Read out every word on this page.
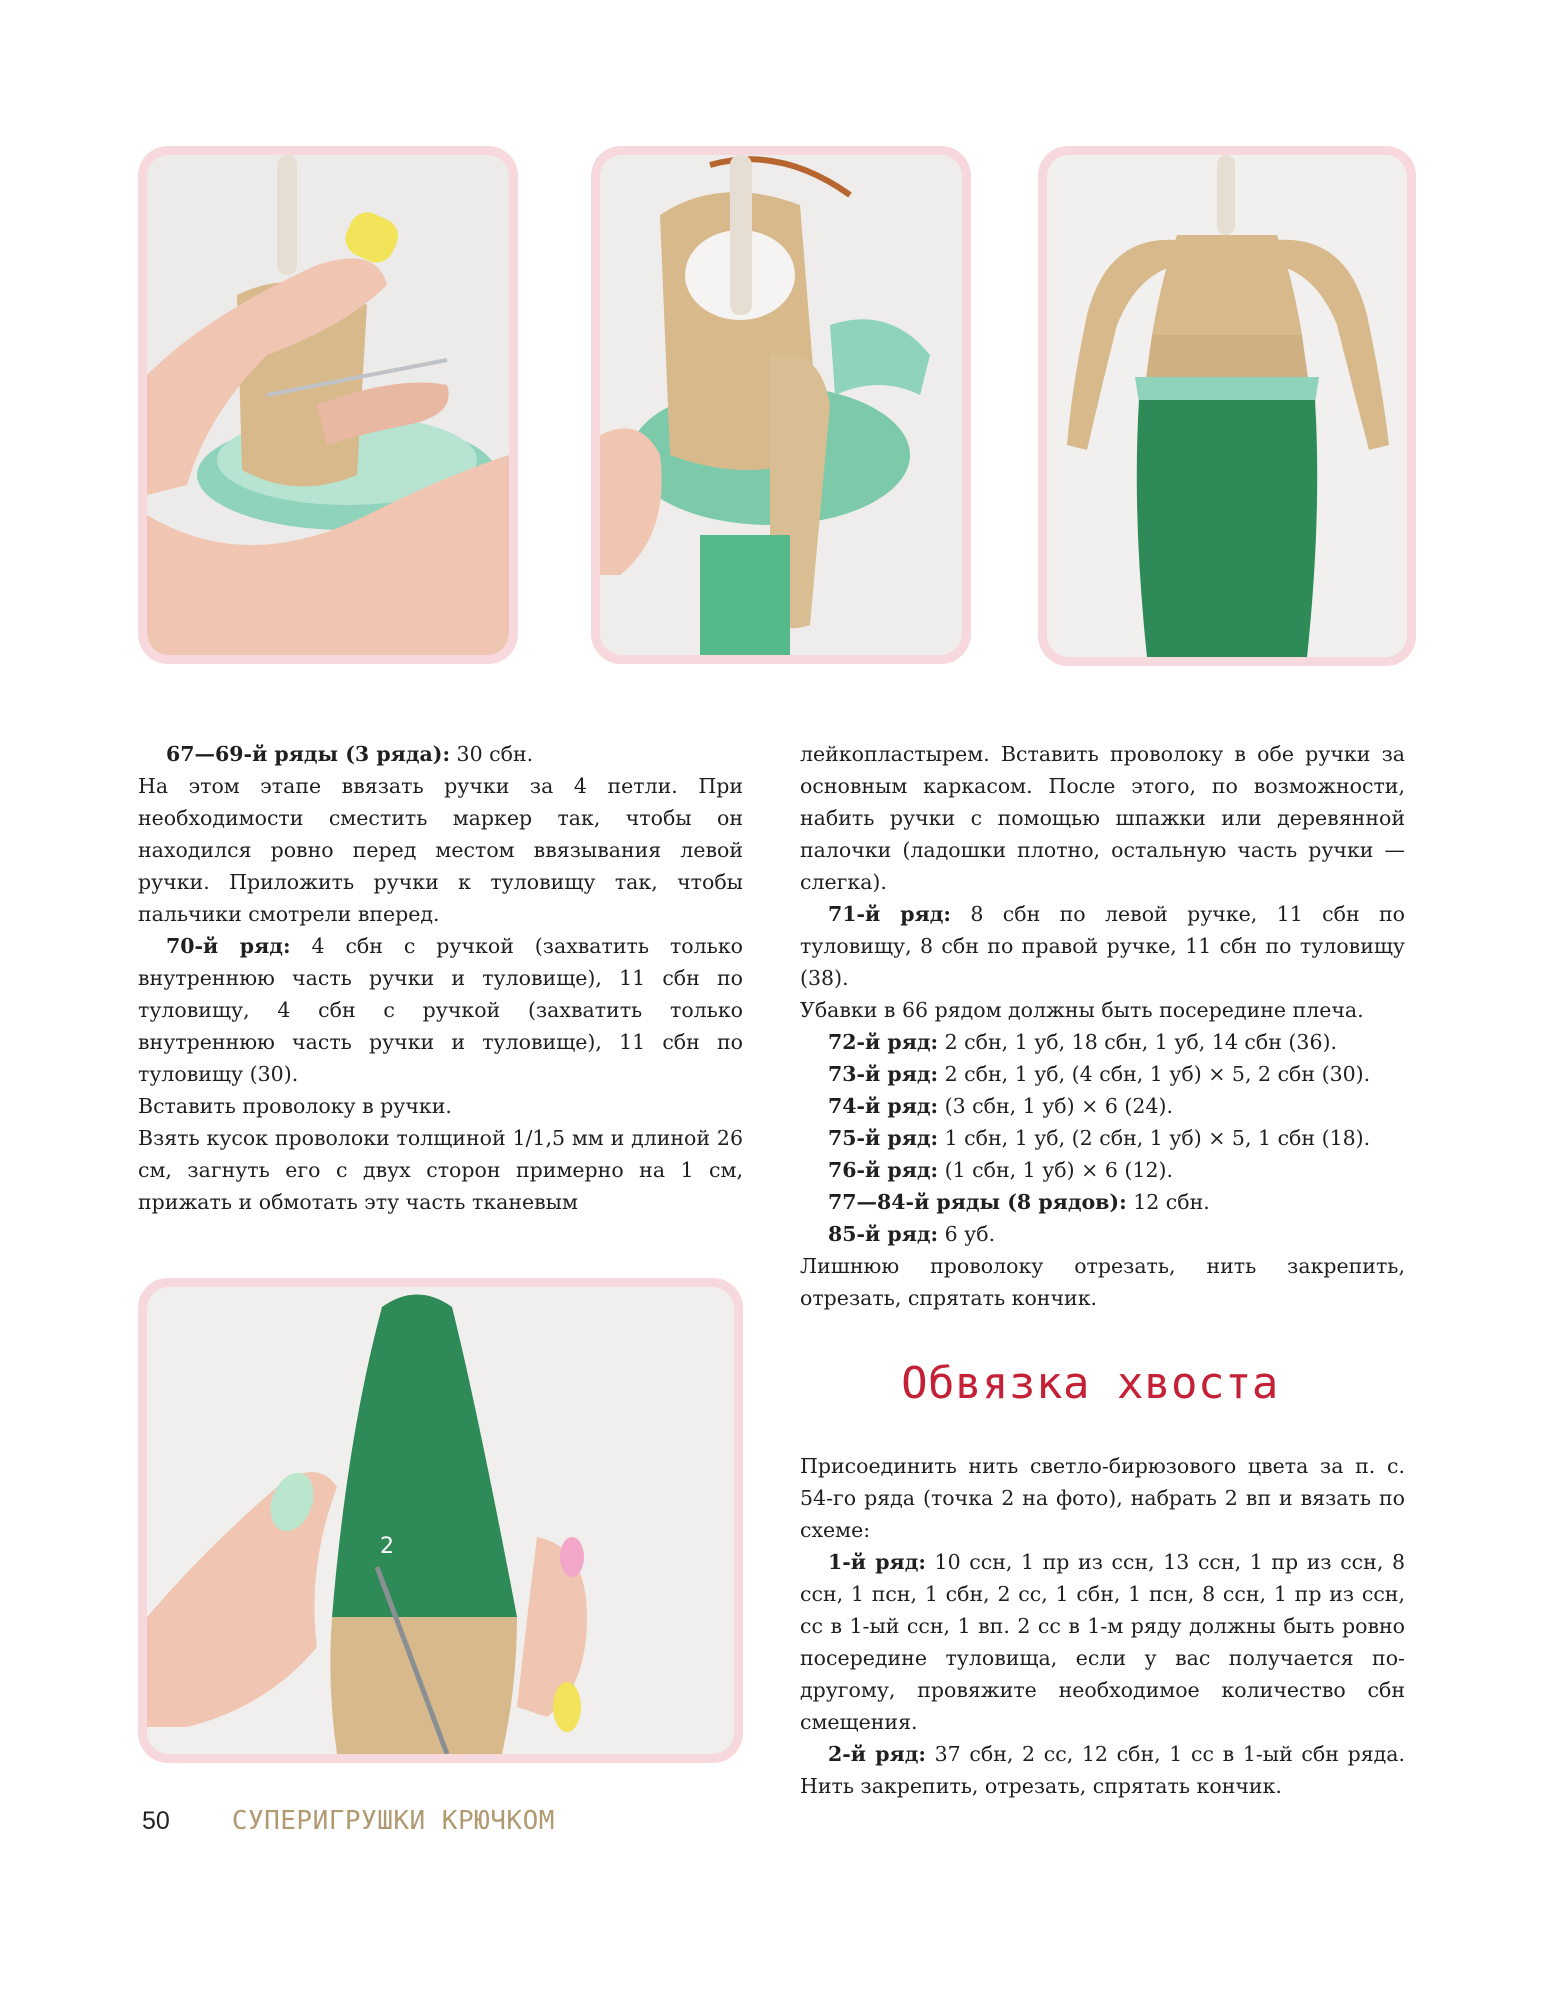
2

67—69-й ряды (3 ряда): 30 сбн.

На этом этапе ввязать ручки за 4 петли. При необходимости сместить маркер так, чтобы он находился ровно перед местом ввязывания левой ручки. Приложить ручки к туловищу так, чтобы пальчики смотрели вперед.

70-й ряд: 4 сбн с ручкой (захватить только внутреннюю часть ручки и туловище), 11 сбн по туловищу, 4 сбн с ручкой (захватить только внутреннюю часть ручки и туловище), 11 сбн по туловищу (30).

Вставить проволоку в ручки.

Взять кусок проволоки толщиной 1/1,5 мм и длиной 26 см, загнуть его с двух сторон примерно на 1 см, прижать и обмотать эту часть тканевым

лейкопластырем. Вставить проволоку в обе ручки за основным каркасом. После этого, по возможности, набить ручки с помощью шпажки или деревянной палочки (ладошки плотно, остальную часть ручки — слегка).

71-й ряд: 8 сбн по левой ручке, 11 сбн по туловищу, 8 сбн по правой ручке, 11 сбн по туловищу (38).

Убавки в 66 рядом должны быть посередине плеча.

72-й ряд: 2 сбн, 1 уб, 18 сбн, 1 уб, 14 сбн (36).

73-й ряд: 2 сбн, 1 уб, (4 сбн, 1 уб) × 5, 2 сбн (30).

74-й ряд: (3 сбн, 1 уб) × 6 (24).

75-й ряд: 1 сбн, 1 уб, (2 сбн, 1 уб) × 5, 1 сбн (18).

76-й ряд: (1 сбн, 1 уб) × 6 (12).

77—84-й ряды (8 рядов): 12 сбн.

85-й ряд: 6 уб.

Лишнюю проволоку отрезать, нить закрепить, отрезать, спрятать кончик.

Обвязка хвоста

Присоединить нить светло-бирюзового цвета за п. с. 54-го ряда (точка 2 на фото), набрать 2 вп и вязать по схеме:

1-й ряд: 10 ссн, 1 пр из ссн, 13 ссн, 1 пр из ссн, 8 ссн, 1 псн, 1 сбн, 2 сс, 1 сбн, 1 псн, 8 ссн, 1 пр из ссн, сс в 1-ый ссн, 1 вп. 2 сс в 1-м ряду должны быть ровно посередине туловища, если у вас получается по-другому, провяжите необходимое количество сбн смещения.

2-й ряд: 37 сбн, 2 сс, 12 сбн, 1 сс в 1-ый сбн ряда. Нить закрепить, отрезать, спрятать кончик.

50 СУПЕРИГРУШКИ КРЮЧКОМ
